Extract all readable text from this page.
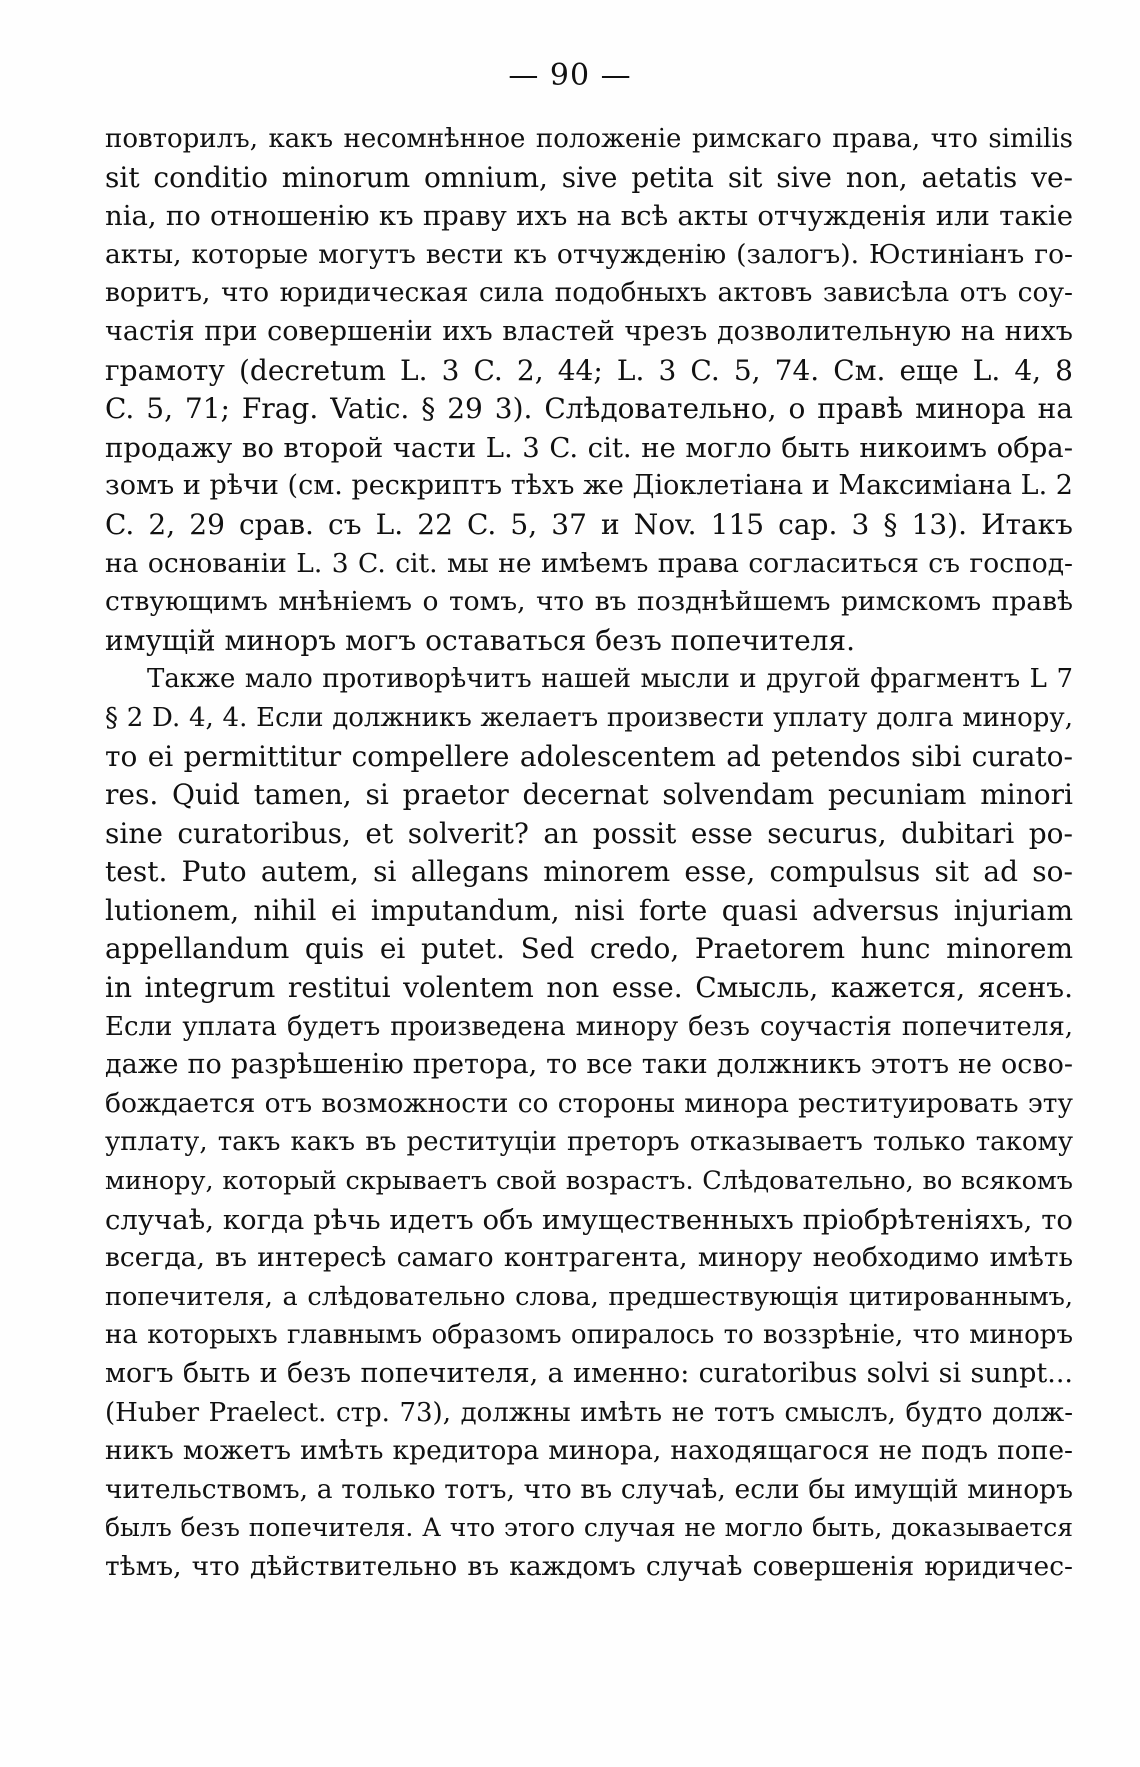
— 90 —
повторилъ, какъ несомнѣнное положеніе римскаго права, что similis
sit conditio minorum omnium, sive petita sit sive non, aetatis ve-
nia, по отношенію къ праву ихъ на всѣ акты отчужденія или такіе
акты, которые могутъ вести къ отчужденію (залогъ). Юстиніанъ го-
воритъ, что юридическая сила подобныхъ актовъ зависѣла отъ соу-
частія при совершеніи ихъ властей чрезъ дозволительную на нихъ
грамоту (decretum L. 3 C. 2, 44; L. 3 C. 5, 74. См. еще L. 4, 8
C. 5, 71; Frag. Vatic. § 29 3). Слѣдовательно, о правѣ минора на
продажу во второй части L. 3 C. cit. не могло быть никоимъ обра-
зомъ и рѣчи (см. рескриптъ тѣхъ же Діоклетіана и Максиміана L. 2
C. 2, 29 срав. съ L. 22 C. 5, 37 и Nov. 115 cap. 3 § 13). Итакъ
на основаніи L. 3 C. cit. мы не имѣемъ права согласиться съ господ-
ствующимъ мнѣніемъ о томъ, что въ позднѣйшемъ римскомъ правѣ
имущій миноръ могъ оставаться безъ попечителя.
Также мало противорѣчитъ нашей мысли и другой фрагментъ L 7
§ 2 D. 4, 4. Если должникъ желаетъ произвести уплату долга минору,
то ei permittitur compellere adolescentem ad petendos sibi curato-
res. Quid tamen, si praetor decernat solvendam pecuniam minori
sine curatoribus, et solverit? an possit esse securus, dubitari po-
test. Puto autem, si allegans minorem esse, compulsus sit ad so-
lutionem, nihil ei imputandum, nisi forte quasi adversus injuriam
appellandum quis ei putet. Sed credo, Praetorem hunc minorem
in integrum restitui volentem non esse. Смысль, кажется, ясенъ.
Если уплата будетъ произведена минору безъ соучастія попечителя,
даже по разрѣшенію претора, то все таки должникъ этотъ не осво-
бождается отъ возможности со стороны минора реституировать эту
уплату, такъ какъ въ реституціи преторъ отказываетъ только такому
минору, который скрываетъ свой возрастъ. Слѣдовательно, во всякомъ
случаѣ, когда рѣчь идетъ объ имущественныхъ пріобрѣтеніяхъ, то
всегда, въ интересѣ самаго контрагента, минору необходимо имѣть
попечителя, а слѣдовательно слова, предшествующія цитированнымъ,
на которыхъ главнымъ образомъ опиралось то воззрѣніе, что миноръ
могъ быть и безъ попечителя, а именно: curatoribus solvi si sunpt...
(Huber Praelect. стр. 73), должны имѣть не тотъ смыслъ, будто долж-
никъ можетъ имѣть кредитора минора, находящагося не подъ попе-
чительствомъ, а только тотъ, что въ случаѣ, если бы имущій миноръ
былъ безъ попечителя. А что этого случая не могло быть, доказывается
тѣмъ, что дѣйствительно въ каждомъ случаѣ совершенія юридичес-
